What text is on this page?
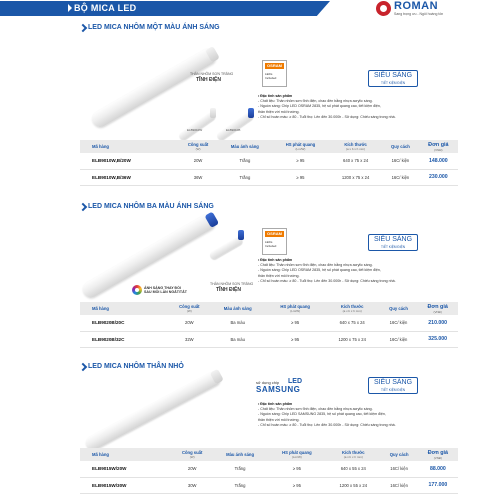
BỘ MICA LED	ROMAN
Sang trọng ưu - Ngôi hoàng tôn
LED MICA NHÔM MỘT MÀU ÁNH SÁNG
ELB9010W	ELB9010B
THÂN NHÔM SƠN TRẮNG
TĨNH ĐIỆN
OSRAM
LEDs
Included	SIÊU SÁNG
TIẾT KIỆM ĐIỆN
• Đặc tính sản phẩm
- Chất liệu: Thân nhôm sơn tĩnh điện, chao đèn bằng nhựa acrylic sáng.
- Nguồn sáng: Chip LED OSRAM 2835, hệ số phát quang cao, tiết kiệm điện,
thân thiện với môi trường.
- Chỉ số hoàn màu: ≥ 80 - Tuổi thọ: Lên đến 30.000h - Sử dụng: Chiếu sáng trong nhà.
Mã hàng	Công suất
(W)	Màu ánh sáng	HS phát quang
(Lm/W)	Kích thước
(a x b x h mm)	Quy cách	Đơn giá
(VNĐ)

ELB9010W,B/20W	20W	Trắng	≥ 95	640 x 75 x 24	16C/ kiện	148.000
ELB9010W,B/36W	36W	Trắng	≥ 95	1200 x 75 x 24	16C/ kiện	230.000
LED MICA NHÔM BA MÀU ÁNH SÁNG
THÂN NHÔM SƠN TRẮNG
TĨNH ĐIỆN
ÁNH SÁNG THAY ĐỔI
SAU MỖI LẦN NGẮT/TẮT
OSRAM
LEDs
Included
SIÊU SÁNG
TIẾT KIỆM ĐIỆN
• Đặc tính sản phẩm
- Chất liệu: Thân nhôm sơn tĩnh điện, chao đèn bằng nhựa acrylic sáng.
- Nguồn sáng: Chip LED OSRAM 2835, hệ số phát quang cao, tiết kiệm điện,
thân thiện với môi trường.
- Chỉ số hoàn màu: ≥ 80 - Tuổi thọ: Lên đến 30.000h - Sử dụng: Chiếu sáng trong nhà.
Mã hàng	Công suất
(W)	Màu ánh sáng	HS phát quang
(Lm/W)	Kích thước
(a x b x h mm)	Quy cách	Đơn giá
(VNĐ)

ELB9020B/20C	20W	Ba màu	≥ 95	640 x 75 x 24	16C/ kiện	210.000
ELB9020B/32C	32W	Ba màu	≥ 95	1200 x 75 x 24	16C/ kiện	325.000
LED MICA NHÔM THÂN NHỎ
sử dụng chip LED
SAMSUNG
SIÊU SÁNG
TIẾT KIỆM ĐIỆN
• Đặc tính sản phẩm
- Chất liệu: Thân nhôm sơn tĩnh điện, chao đèn bằng nhựa acrylic sáng.
- Nguồn sáng: Chip LED SAMSUNG 2835, hệ số phát quang cao, tiết kiệm điện,
thân thiện với môi trường.
- Chỉ số hoàn màu: ≥ 80 - Tuổi thọ: Lên đến 30.000h - Sử dụng: Chiếu sáng trong nhà.
Mã hàng	Công suất
(W)	Màu ánh sáng	HS phát quang
(Lm/W)	Kích thước
(a x b x h mm)	Quy cách	Đơn giá
(VNĐ)

ELB9015W/20W	20W	Trắng	≥ 95	640 x 55 x 24	16C/ kiện	88.000
ELB9015W/30W	30W	Trắng	≥ 95	1200 x 55 x 24	16C/ kiện	177.000
